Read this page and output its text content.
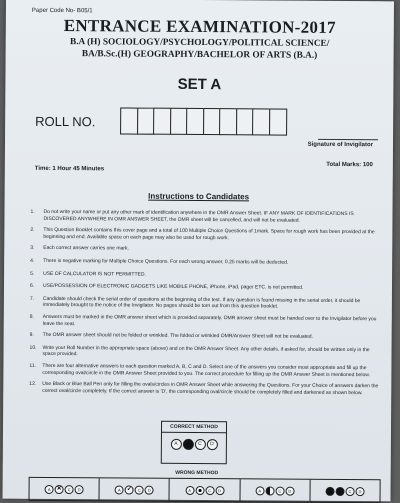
Paper Code No- B05/1
ENTRANCE EXAMINATION-2017
B.A (H) SOCIOLOGY/PSYCHOLOGY/POLITICAL SCIENCE/
BA/B.Sc.(H) GEOGRAPHY/BACHELOR OF ARTS (B.A.)
SET A
ROLL NO.
Signature of Invigilator
Total Marks: 100
Time: 1 Hour 45 Minutes
Instructions to Candidates
1.	Do not write your name or put any other mark of identification anywhere in the OMR Answer Sheet. IF ANY MARK OF IDENTIFICATIONS IS DISCOVERED ANYWHERE IN OMR ANSWER SHEET, the OMR sheet will be cancelled, and will not be evaluated.
2.	This Question Booklet contains this cover page and a total of 100 Multiple Choice Questions of 1mark. Space for rough work has been provided at the beginning and end. Available space on each page may also be used for rough work.
3.	Each correct answer carries one mark.
4.	There is negative marking for Multiple Choice Questions. For each wrong answer, 0.25 marks will be deducted.
5.	USE OF CALCULATOR IS NOT PERMITTED.
6.	USE/POSSESSION OF ELECTRONIC GADGETS LIKE MOBILE PHONE, iPhone, iPad, pager ETC. is not permitted.
7.	Candidate should check the serial order of questions at the beginning of the test. If any question is found missing in the serial order, it should be immediately brought to the notice of the Invigilator. No pages should be torn out from this question booklet.
8.	Answers must be marked in the OMR answer sheet which is provided separately. OMR answer sheet must be handed over to the Invigilator before you leave the seat.
9.	The OMR answer sheet should not be folded or wrinkled. The folded or wrinkled OMR/Answer Sheet will not be evaluated.
10.	Write your Roll Number in the appropriate space (above) and on the OMR Answer Sheet. Any other details, if asked for, should be written only in the space provided.
11.	There are four alternative answers to each question marked A, B, C and D. Select one of the answers you consider most appropriate and fill up the corresponding oval/circle in the OMR Answer Sheet provided to you. The correct procedure for filling up the OMR Answer Sheet is mentioned below.
12.	Use Black or Blue Ball Pen only for filling the ovals/circles in OMR Answer Sheet while answering the Questions. For your Choice of answers darken the correct oval/circle completely. If the correct answer is 'D', the corresponding oval/circle should be completely filled and darkened as shown below.
CORRECT METHOD
A	B	C	D
WRONG METHOD
A	✕	C	D	A	✓	C	D	A	C	D	A	C	D	A	B	C	D
